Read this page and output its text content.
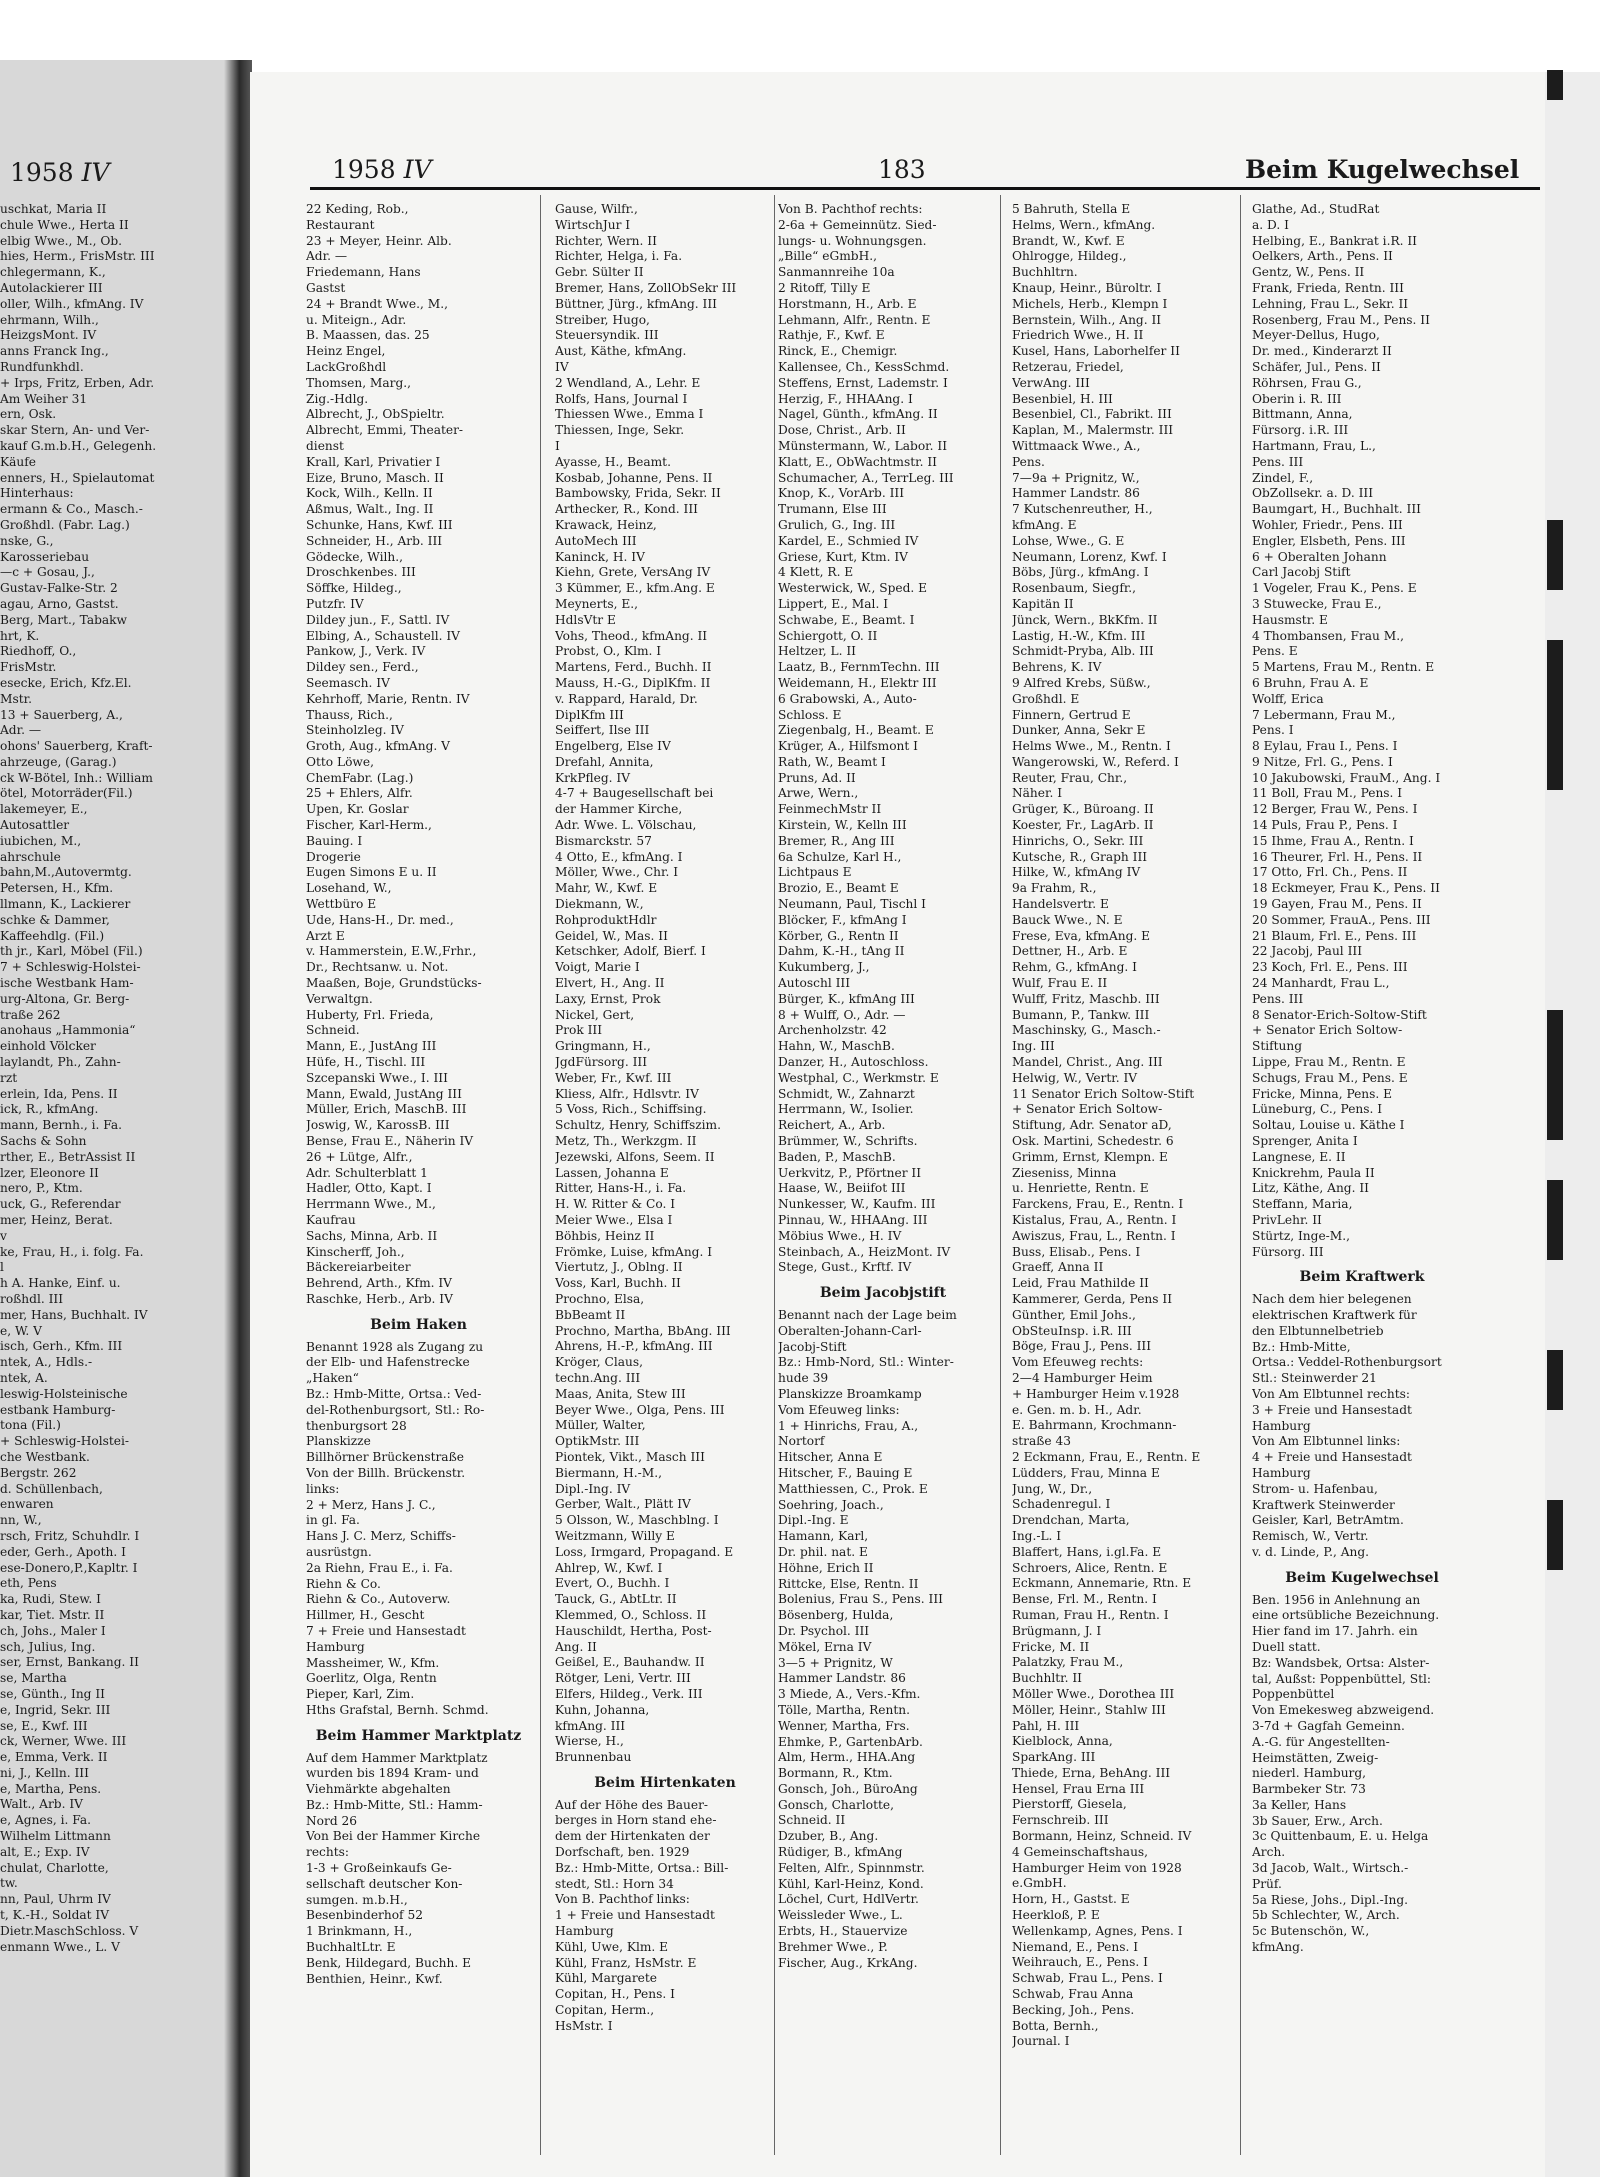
1958 IV
uschkat, Maria II
chule Wwe., Herta II
elbig Wwe., M., Ob.
hies, Herm., FrisMstr. III
chlegermann, K.,
Autolackierer III
oller, Wilh., kfmAng. IV
ehrmann, Wilh.,
HeizgsMont. IV
anns Franck Ing.,
Rundfunkhdl.
+ Irps, Fritz, Erben, Adr.
Am Weiher 31
ern, Osk.
skar Stern, An- und Ver-
kauf G.m.b.H., Gelegenh.
Käufe
enners, H., Spielautomat
Hinterhaus:
ermann & Co., Masch.-
Großhdl. (Fabr. Lag.)
nske, G.,
Karosseriebau
—c + Gosau, J.,
Gustav-Falke-Str. 2
agau, Arno, Gastst.
Berg, Mart., Tabakw
hrt, K.
Riedhoff, O.,
FrisMstr.
esecke, Erich, Kfz.El.
Mstr.
13 + Sauerberg, A.,
Adr. —
ohons' Sauerberg, Kraft-
ahrzeuge, (Garag.)
ck W-Bötel, Inh.: William
ötel, Motorräder(Fil.)
lakemeyer, E.,
Autosattler
iubichen, M.,
ahrschule
bahn,M.,Autovermtg.
Petersen, H., Kfm.
llmann, K., Lackierer
schke & Dammer,
Kaffeehdlg. (Fil.)
th jr., Karl, Möbel (Fil.)
7 + Schleswig-Holstei-
ische Westbank Ham-
urg-Altona, Gr. Berg-
traße 262
anohaus „Hammonia“
einhold Völcker
laylandt, Ph., Zahn-
rzt
erlein, Ida, Pens. II
ick, R., kfmAng.
mann, Bernh., i. Fa.
Sachs & Sohn
rther, E., BetrAssist II
lzer, Eleonore II
nero, P., Ktm.
uck, G., Referendar
mer, Heinz, Berat.
v
ke, Frau, H., i. folg. Fa.
l
h A. Hanke, Einf. u.
roßhdl. III
mer, Hans, Buchhalt. IV
e, W. V
isch, Gerh., Kfm. III
ntek, A., Hdls.-
ntek, A.
leswig-Holsteinische
estbank Hamburg-
tona (Fil.)
+ Schleswig-Holstei-
che Westbank.
Bergstr. 262
d. Schüllenbach,
enwaren
nn, W.,
rsch, Fritz, Schuhdlr. I
eder, Gerh., Apoth. I
ese-Donero,P.,Kapltr. I
eth, Pens
ka, Rudi, Stew. I
kar, Tiet. Mstr. II
ch, Johs., Maler I
sch, Julius, Ing.
ser, Ernst, Bankang. II
se, Martha
se, Günth., Ing II
e, Ingrid, Sekr. III
se, E., Kwf. III
ck, Werner, Wwe. III
e, Emma, Verk. II
ni, J., Kelln. III
e, Martha, Pens.
Walt., Arb. IV
e, Agnes, i. Fa.
Wilhelm Littmann
alt, E.; Exp. IV
chulat, Charlotte,
tw.
nn, Paul, Uhrm IV
t, K.-H., Soldat IV
Dietr.MaschSchloss. V
enmann Wwe., L. V
1958 IV	183	Beim Kugelwechsel
22 Keding, Rob.,
Restaurant
23 + Meyer, Heinr. Alb.
Adr. —
Friedemann, Hans
Gastst
24 + Brandt Wwe., M.,
u. Miteign., Adr.
B. Maassen, das. 25
Heinz Engel,
LackGroßhdl
Thomsen, Marg.,
Zig.-Hdlg.
Albrecht, J., ObSpieltr.
Albrecht, Emmi, Theater-
dienst
Krall, Karl, Privatier I
Eize, Bruno, Masch. II
Kock, Wilh., Kelln. II
Aßmus, Walt., Ing. II
Schunke, Hans, Kwf. III
Schneider, H., Arb. III
Gödecke, Wilh.,
Droschkenbes. III
Söffke, Hildeg.,
Putzfr. IV
Dildey jun., F., Sattl. IV
Elbing, A., Schaustell. IV
Pankow, J., Verk. IV
Dildey sen., Ferd.,
Seemasch. IV
Kehrhoff, Marie, Rentn. IV
Thauss, Rich.,
Steinholzleg. IV
Groth, Aug., kfmAng. V
Otto Löwe,
ChemFabr. (Lag.)
25 + Ehlers, Alfr.
Upen, Kr. Goslar
Fischer, Karl-Herm.,
Bauing. I
Drogerie
Eugen Simons E u. II
Losehand, W.,
Wettbüro E
Ude, Hans-H., Dr. med.,
Arzt E
v. Hammerstein, E.W.,Frhr.,
Dr., Rechtsanw. u. Not.
Maaßen, Boje, Grundstücks-
Verwaltgn.
Huberty, Frl. Frieda,
Schneid.
Mann, E., JustAng III
Hüfe, H., Tischl. III
Szcepanski Wwe., I. III
Mann, Ewald, JustAng III
Müller, Erich, MaschB. III
Joswig, W., KarossB. III
Bense, Frau E., Näherin IV
26 + Lütge, Alfr.,
Adr. Schulterblatt 1
Hadler, Otto, Kapt. I
Herrmann Wwe., M.,
Kaufrau
Sachs, Minna, Arb. II
Kinscherff, Joh.,
Bäckereiarbeiter
Behrend, Arth., Kfm. IV
Raschke, Herb., Arb. IV
Beim Haken
Benannt 1928 als Zugang zu
der Elb- und Hafenstrecke
„Haken“
Bz.: Hmb-Mitte, Ortsa.: Ved-
del-Rothenburgsort, Stl.: Ro-
thenburgsort 28
Planskizze
Billhörner Brückenstraße
Von der Billh. Brückenstr.
links:
2 + Merz, Hans J. C.,
in gl. Fa.
Hans J. C. Merz, Schiffs-
ausrüstgn.
2a Riehn, Frau E., i. Fa.
Riehn & Co.
Riehn & Co., Autoverw.
Hillmer, H., Gescht
7 + Freie und Hansestadt
Hamburg
Massheimer, W., Kfm.
Goerlitz, Olga, Rentn
Pieper, Karl, Zim.
Hths Grafstal, Bernh. Schmd.
Beim Hammer Marktplatz
Auf dem Hammer Marktplatz
wurden bis 1894 Kram- und
Viehmärkte abgehalten
Bz.: Hmb-Mitte, Stl.: Hamm-
Nord 26
Von Bei der Hammer Kirche
rechts:
1-3 + Großeinkaufs Ge-
sellschaft deutscher Kon-
sumgen. m.b.H.,
Besenbinderhof 52
1 Brinkmann, H.,
BuchhaltLtr. E
Benk, Hildegard, Buchh. E
Benthien, Heinr., Kwf.
Gause, Wilfr.,
WirtschJur I
Richter, Wern. II
Richter, Helga, i. Fa.
Gebr. Sülter II
Bremer, Hans, ZollObSekr III
Büttner, Jürg., kfmAng. III
Streiber, Hugo,
Steuersyndik. III
Aust, Käthe, kfmAng.
IV
2 Wendland, A., Lehr. E
Rolfs, Hans, Journal I
Thiessen Wwe., Emma I
Thiessen, Inge, Sekr.
I
Ayasse, H., Beamt.
Kosbab, Johanne, Pens. II
Bambowsky, Frida, Sekr. II
Arthecker, R., Kond. III
Krawack, Heinz,
AutoMech III
Kaninck, H. IV
Kiehn, Grete, VersAng IV
3 Kümmer, E., kfm.Ang. E
Meynerts, E.,
HdlsVtr E
Vohs, Theod., kfmAng. II
Probst, O., Klm. I
Martens, Ferd., Buchh. II
Mauss, H.-G., DiplKfm. II
v. Rappard, Harald, Dr.
DiplKfm III
Seiffert, Ilse III
Engelberg, Else IV
Drefahl, Annita,
KrkPfleg. IV
4-7 + Baugesellschaft bei
der Hammer Kirche,
Adr. Wwe. L. Völschau,
Bismarckstr. 57
4 Otto, E., kfmAng. I
Möller, Wwe., Chr. I
Mahr, W., Kwf. E
Diekmann, W.,
RohproduktHdlr
Geidel, W., Mas. II
Ketschker, Adolf, Bierf. I
Voigt, Marie I
Elvert, H., Ang. II
Laxy, Ernst, Prok
Nickel, Gert,
Prok III
Gringmann, H.,
JgdFürsorg. III
Weber, Fr., Kwf. III
Kliess, Alfr., Hdlsvtr. IV
5 Voss, Rich., Schiffsing.
Schultz, Henry, Schiffszim.
Metz, Th., Werkzgm. II
Jezewski, Alfons, Seem. II
Lassen, Johanna E
Ritter, Hans-H., i. Fa.
H. W. Ritter & Co. I
Meier Wwe., Elsa I
Böhbis, Heinz II
Frömke, Luise, kfmAng. I
Viertutz, J., Oblng. II
Voss, Karl, Buchh. II
Prochno, Elsa,
BbBeamt II
Prochno, Martha, BbAng. III
Ahrens, H.-P., kfmAng. III
Kröger, Claus,
techn.Ang. III
Maas, Anita, Stew III
Beyer Wwe., Olga, Pens. III
Müller, Walter,
OptikMstr. III
Piontek, Vikt., Masch III
Biermann, H.-M.,
Dipl.-Ing. IV
Gerber, Walt., Plätt IV
5 Olsson, W., Maschblng. I
Weitzmann, Willy E
Loss, Irmgard, Propagand. E
Ahlrep, W., Kwf. I
Evert, O., Buchh. I
Tauck, G., AbtLtr. II
Klemmed, O., Schloss. II
Hauschildt, Hertha, Post-
Ang. II
Geißel, E., Bauhandw. II
Rötger, Leni, Vertr. III
Elfers, Hildeg., Verk. III
Kuhn, Johanna,
kfmAng. III
Wierse, H.,
Brunnenbau
Beim Hirtenkaten
Auf der Höhe des Bauer-
berges in Horn stand ehe-
dem der Hirtenkaten der
Dorfschaft, ben. 1929
Bz.: Hmb-Mitte, Ortsa.: Bill-
stedt, Stl.: Horn 34
Von B. Pachthof links:
1 + Freie und Hansestadt
Hamburg
Kühl, Uwe, Klm. E
Kühl, Franz, HsMstr. E
Kühl, Margarete
Copitan, H., Pens. I
Copitan, Herm.,
HsMstr. I
Von B. Pachthof rechts:
2-6a + Gemeinnütz. Sied-
lungs- u. Wohnungsgen.
„Bille“ eGmbH.,
Sanmannreihe 10a
2 Ritoff, Tilly E
Horstmann, H., Arb. E
Lehmann, Alfr., Rentn. E
Rathje, F., Kwf. E
Rinck, E., Chemigr.
Kallensee, Ch., KessSchmd.
Steffens, Ernst, Lademstr. I
Herzig, F., HHAAng. I
Nagel, Günth., kfmAng. II
Dose, Christ., Arb. II
Münstermann, W., Labor. II
Klatt, E., ObWachtmstr. II
Schumacher, A., TerrLeg. III
Knop, K., VorArb. III
Trumann, Else III
Grulich, G., Ing. III
Kardel, E., Schmied IV
Griese, Kurt, Ktm. IV
4 Klett, R. E
Westerwick, W., Sped. E
Lippert, E., Mal. I
Schwabe, E., Beamt. I
Schiergott, O. II
Heltzer, L. II
Laatz, B., FernmTechn. III
Weidemann, H., Elektr III
6 Grabowski, A., Auto-
Schloss. E
Ziegenbalg, H., Beamt. E
Krüger, A., Hilfsmont I
Rath, W., Beamt I
Pruns, Ad. II
Arwe, Wern.,
FeinmechMstr II
Kirstein, W., Kelln III
Bremer, R., Ang III
6a Schulze, Karl H.,
Lichtpaus E
Brozio, E., Beamt E
Neumann, Paul, Tischl I
Blöcker, F., kfmAng I
Körber, G., Rentn II
Dahm, K.-H., tAng II
Kukumberg, J.,
Autoschl III
Bürger, K., kfmAng III
8 + Wulff, O., Adr. —
Archenholzstr. 42
Hahn, W., MaschB.
Danzer, H., Autoschloss.
Westphal, C., Werkmstr. E
Schmidt, W., Zahnarzt
Herrmann, W., Isolier.
Reichert, A., Arb.
Brümmer, W., Schrifts.
Baden, P., MaschB.
Uerkvitz, P., Pförtner II
Haase, W., Beiifot III
Nunkesser, W., Kaufm. III
Pinnau, W., HHAAng. III
Möbius Wwe., H. IV
Steinbach, A., HeizMont. IV
Stege, Gust., Krftf. IV
Beim Jacobjstift
Benannt nach der Lage beim
Oberalten-Johann-Carl-
Jacobj-Stift
Bz.: Hmb-Nord, Stl.: Winter-
hude 39
Planskizze Broamkamp
Vom Efeuweg links:
1 + Hinrichs, Frau, A.,
Nortorf
Hitscher, Anna E
Hitscher, F., Bauing E
Matthiessen, C., Prok. E
Soehring, Joach.,
Dipl.-Ing. E
Hamann, Karl,
Dr. phil. nat. E
Höhne, Erich II
Rittcke, Else, Rentn. II
Bolenius, Frau S., Pens. III
Bösenberg, Hulda,
Dr. Psychol. III
Mökel, Erna IV
3—5 + Prignitz, W
Hammer Landstr. 86
3 Miede, A., Vers.-Kfm.
Tölle, Martha, Rentn.
Wenner, Martha, Frs.
Ehmke, P., GartenbArb.
Alm, Herm., HHA.Ang
Bormann, R., Ktm.
Gonsch, Joh., BüroAng
Gonsch, Charlotte,
Schneid. II
Dzuber, B., Ang.
Rüdiger, B., kfmAng
Felten, Alfr., Spinnmstr.
Kühl, Karl-Heinz, Kond.
Löchel, Curt, HdlVertr.
Weissleder Wwe., L.
Erbts, H., Stauervize
Brehmer Wwe., P.
Fischer, Aug., KrkAng.
5 Bahruth, Stella E
Helms, Wern., kfmAng.
Brandt, W., Kwf. E
Ohlrogge, Hildeg.,
Buchhltrn.
Knaup, Heinr., Büroltr. I
Michels, Herb., Klempn I
Bernstein, Wilh., Ang. II
Friedrich Wwe., H. II
Kusel, Hans, Laborhelfer II
Retzerau, Friedel,
VerwAng. III
Besenbiel, H. III
Besenbiel, Cl., Fabrikt. III
Kaplan, M., Malermstr. III
Wittmaack Wwe., A.,
Pens.
7—9a + Prignitz, W.,
Hammer Landstr. 86
7 Kutschenreuther, H.,
kfmAng. E
Lohse, Wwe., G. E
Neumann, Lorenz, Kwf. I
Böbs, Jürg., kfmAng. I
Rosenbaum, Siegfr.,
Kapitän II
Jünck, Wern., BkKfm. II
Lastig, H.-W., Kfm. III
Schmidt-Pryba, Alb. III
Behrens, K. IV
9 Alfred Krebs, Süßw.,
Großhdl. E
Finnern, Gertrud E
Dunker, Anna, Sekr E
Helms Wwe., M., Rentn. I
Wangerowski, W., Referd. I
Reuter, Frau, Chr.,
Näher. I
Grüger, K., Büroang. II
Koester, Fr., LagArb. II
Hinrichs, O., Sekr. III
Kutsche, R., Graph III
Hilke, W., kfmAng IV
9a Frahm, R.,
Handelsvertr. E
Bauck Wwe., N. E
Frese, Eva, kfmAng. E
Dettner, H., Arb. E
Rehm, G., kfmAng. I
Wulf, Frau E. II
Wulff, Fritz, Maschb. III
Bumann, P., Tankw. III
Maschinsky, G., Masch.-
Ing. III
Mandel, Christ., Ang. III
Helwig, W., Vertr. IV
11 Senator Erich Soltow-Stift
+ Senator Erich Soltow-
Stiftung, Adr. Senator aD,
Osk. Martini, Schedestr. 6
Grimm, Ernst, Klempn. E
Zieseniss, Minna
u. Henriette, Rentn. E
Farckens, Frau, E., Rentn. I
Kistalus, Frau, A., Rentn. I
Awiszus, Frau, L., Rentn. I
Buss, Elisab., Pens. I
Graeff, Anna II
Leid, Frau Mathilde II
Kammerer, Gerda, Pens II
Günther, Emil Johs.,
ObSteuInsp. i.R. III
Böge, Frau J., Pens. III
Vom Efeuweg rechts:
2—4 Hamburger Heim
+ Hamburger Heim v.1928
e. Gen. m. b. H., Adr.
E. Bahrmann, Krochmann-
straße 43
2 Eckmann, Frau, E., Rentn. E
Lüdders, Frau, Minna E
Jung, W., Dr.,
Schadenregul. I
Drendchan, Marta,
Ing.-L. I
Blaffert, Hans, i.gl.Fa. E
Schroers, Alice, Rentn. E
Eckmann, Annemarie, Rtn. E
Bense, Frl. M., Rentn. I
Ruman, Frau H., Rentn. I
Brügmann, J. I
Fricke, M. II
Palatzky, Frau M.,
Buchhltr. II
Möller Wwe., Dorothea III
Möller, Heinr., Stahlw III
Pahl, H. III
Kielblock, Anna,
SparkAng. III
Thiede, Erna, BehAng. III
Hensel, Frau Erna III
Pierstorff, Giesela,
Fernschreib. III
Bormann, Heinz, Schneid. IV
4 Gemeinschaftshaus,
Hamburger Heim von 1928
e.GmbH.
Horn, H., Gastst. E
Heerkloß, P. E
Wellenkamp, Agnes, Pens. I
Niemand, E., Pens. I
Weihrauch, E., Pens. I
Schwab, Frau L., Pens. I
Schwab, Frau Anna
Becking, Joh., Pens.
Botta, Bernh.,
Journal. I
Glathe, Ad., StudRat
a. D. I
Helbing, E., Bankrat i.R. II
Oelkers, Arth., Pens. II
Gentz, W., Pens. II
Frank, Frieda, Rentn. III
Lehning, Frau L., Sekr. II
Rosenberg, Frau M., Pens. II
Meyer-Dellus, Hugo,
Dr. med., Kinderarzt II
Schäfer, Jul., Pens. II
Röhrsen, Frau G.,
Oberin i. R. III
Bittmann, Anna,
Fürsorg. i.R. III
Hartmann, Frau, L.,
Pens. III
Zindel, F.,
ObZollsekr. a. D. III
Baumgart, H., Buchhalt. III
Wohler, Friedr., Pens. III
Engler, Elsbeth, Pens. III
6 + Oberalten Johann
Carl Jacobj Stift
1 Vogeler, Frau K., Pens. E
3 Stuwecke, Frau E.,
Hausmstr. E
4 Thombansen, Frau M.,
Pens. E
5 Martens, Frau M., Rentn. E
6 Bruhn, Frau A. E
Wolff, Erica
7 Lebermann, Frau M.,
Pens. I
8 Eylau, Frau I., Pens. I
9 Nitze, Frl. G., Pens. I
10 Jakubowski, FrauM., Ang. I
11 Boll, Frau M., Pens. I
12 Berger, Frau W., Pens. I
14 Puls, Frau P., Pens. I
15 Ihme, Frau A., Rentn. I
16 Theurer, Frl. H., Pens. II
17 Otto, Frl. Ch., Pens. II
18 Eckmeyer, Frau K., Pens. II
19 Gayen, Frau M., Pens. II
20 Sommer, FrauA., Pens. III
21 Blaum, Frl. E., Pens. III
22 Jacobj, Paul III
23 Koch, Frl. E., Pens. III
24 Manhardt, Frau L.,
Pens. III
8 Senator-Erich-Soltow-Stift
+ Senator Erich Soltow-
Stiftung
Lippe, Frau M., Rentn. E
Schugs, Frau M., Pens. E
Fricke, Minna, Pens. E
Lüneburg, C., Pens. I
Soltau, Louise u. Käthe I
Sprenger, Anita I
Langnese, E. II
Knickrehm, Paula II
Litz, Käthe, Ang. II
Steffann, Maria,
PrivLehr. II
Stürtz, Inge-M.,
Fürsorg. III
Beim Kraftwerk
Nach dem hier belegenen
elektrischen Kraftwerk für
den Elbtunnelbetrieb
Bz.: Hmb-Mitte,
Ortsa.: Veddel-Rothenburgsort
Stl.: Steinwerder 21
Von Am Elbtunnel rechts:
3 + Freie und Hansestadt
Hamburg
Von Am Elbtunnel links:
4 + Freie und Hansestadt
Hamburg
Strom- u. Hafenbau,
Kraftwerk Steinwerder
Geisler, Karl, BetrAmtm.
Remisch, W., Vertr.
v. d. Linde, P., Ang.
Beim Kugelwechsel
Ben. 1956 in Anlehnung an
eine ortsübliche Bezeichnung.
Hier fand im 17. Jahrh. ein
Duell statt.
Bz: Wandsbek, Ortsa: Alster-
tal, Außst: Poppenbüttel, Stl:
Poppenbüttel
Von Emekesweg abzweigend.
3-7d + Gagfah Gemeinn.
A.-G. für Angestellten-
Heimstätten, Zweig-
niederl. Hamburg,
Barmbeker Str. 73
3a Keller, Hans
3b Sauer, Erw., Arch.
3c Quittenbaum, E. u. Helga
Arch.
3d Jacob, Walt., Wirtsch.-
Prüf.
5a Riese, Johs., Dipl.-Ing.
5b Schlechter, W., Arch.
5c Butenschön, W.,
kfmAng.
